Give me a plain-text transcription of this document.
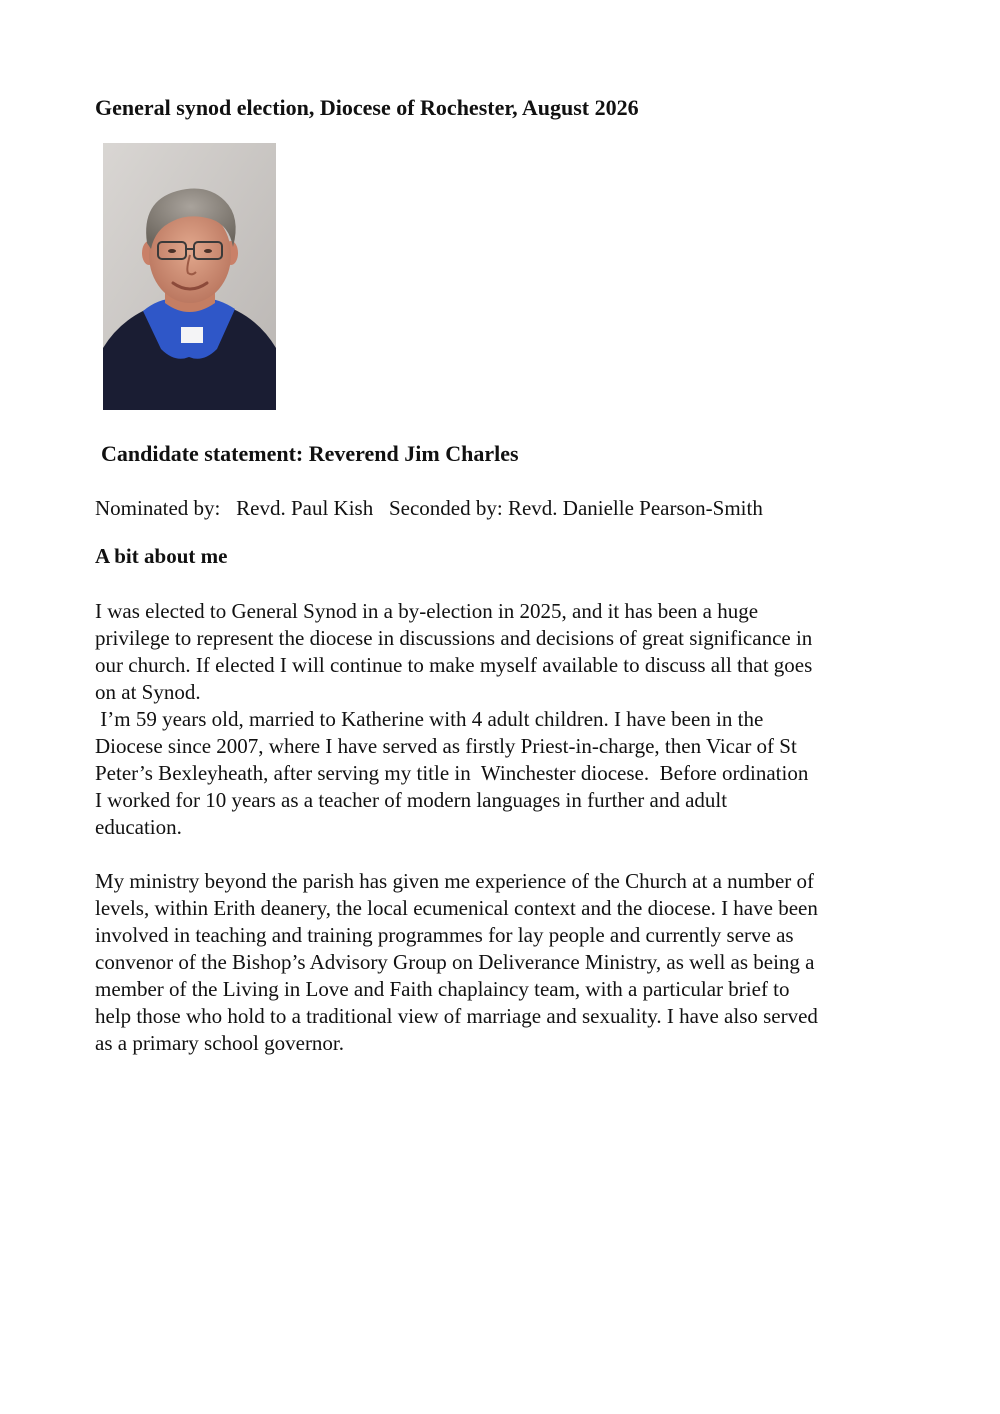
General synod election, Diocese of Rochester, August 2026
Candidate statement: Reverend Jim Charles

Nominated by:   Revd. Paul Kish   Seconded by: Revd. Danielle Pearson-Smith

A bit about me
I was elected to General Synod in a by-election in 2025, and it has been a huge
privilege to represent the diocese in discussions and decisions of great significance in
our church. If elected I will continue to make myself available to discuss all that goes
on at Synod.
I’m 59 years old, married to Katherine with 4 adult children. I have been in the
Diocese since 2007, where I have served as firstly Priest-in-charge, then Vicar of St
Peter’s Bexleyheath, after serving my title in  Winchester diocese.  Before ordination
I worked for 10 years as a teacher of modern languages in further and adult
education.
My ministry beyond the parish has given me experience of the Church at a number of
levels, within Erith deanery, the local ecumenical context and the diocese. I have been
involved in teaching and training programmes for lay people and currently serve as
convenor of the Bishop’s Advisory Group on Deliverance Ministry, as well as being a
member of the Living in Love and Faith chaplaincy team, with a particular brief to
help those who hold to a traditional view of marriage and sexuality. I have also served
as a primary school governor.
